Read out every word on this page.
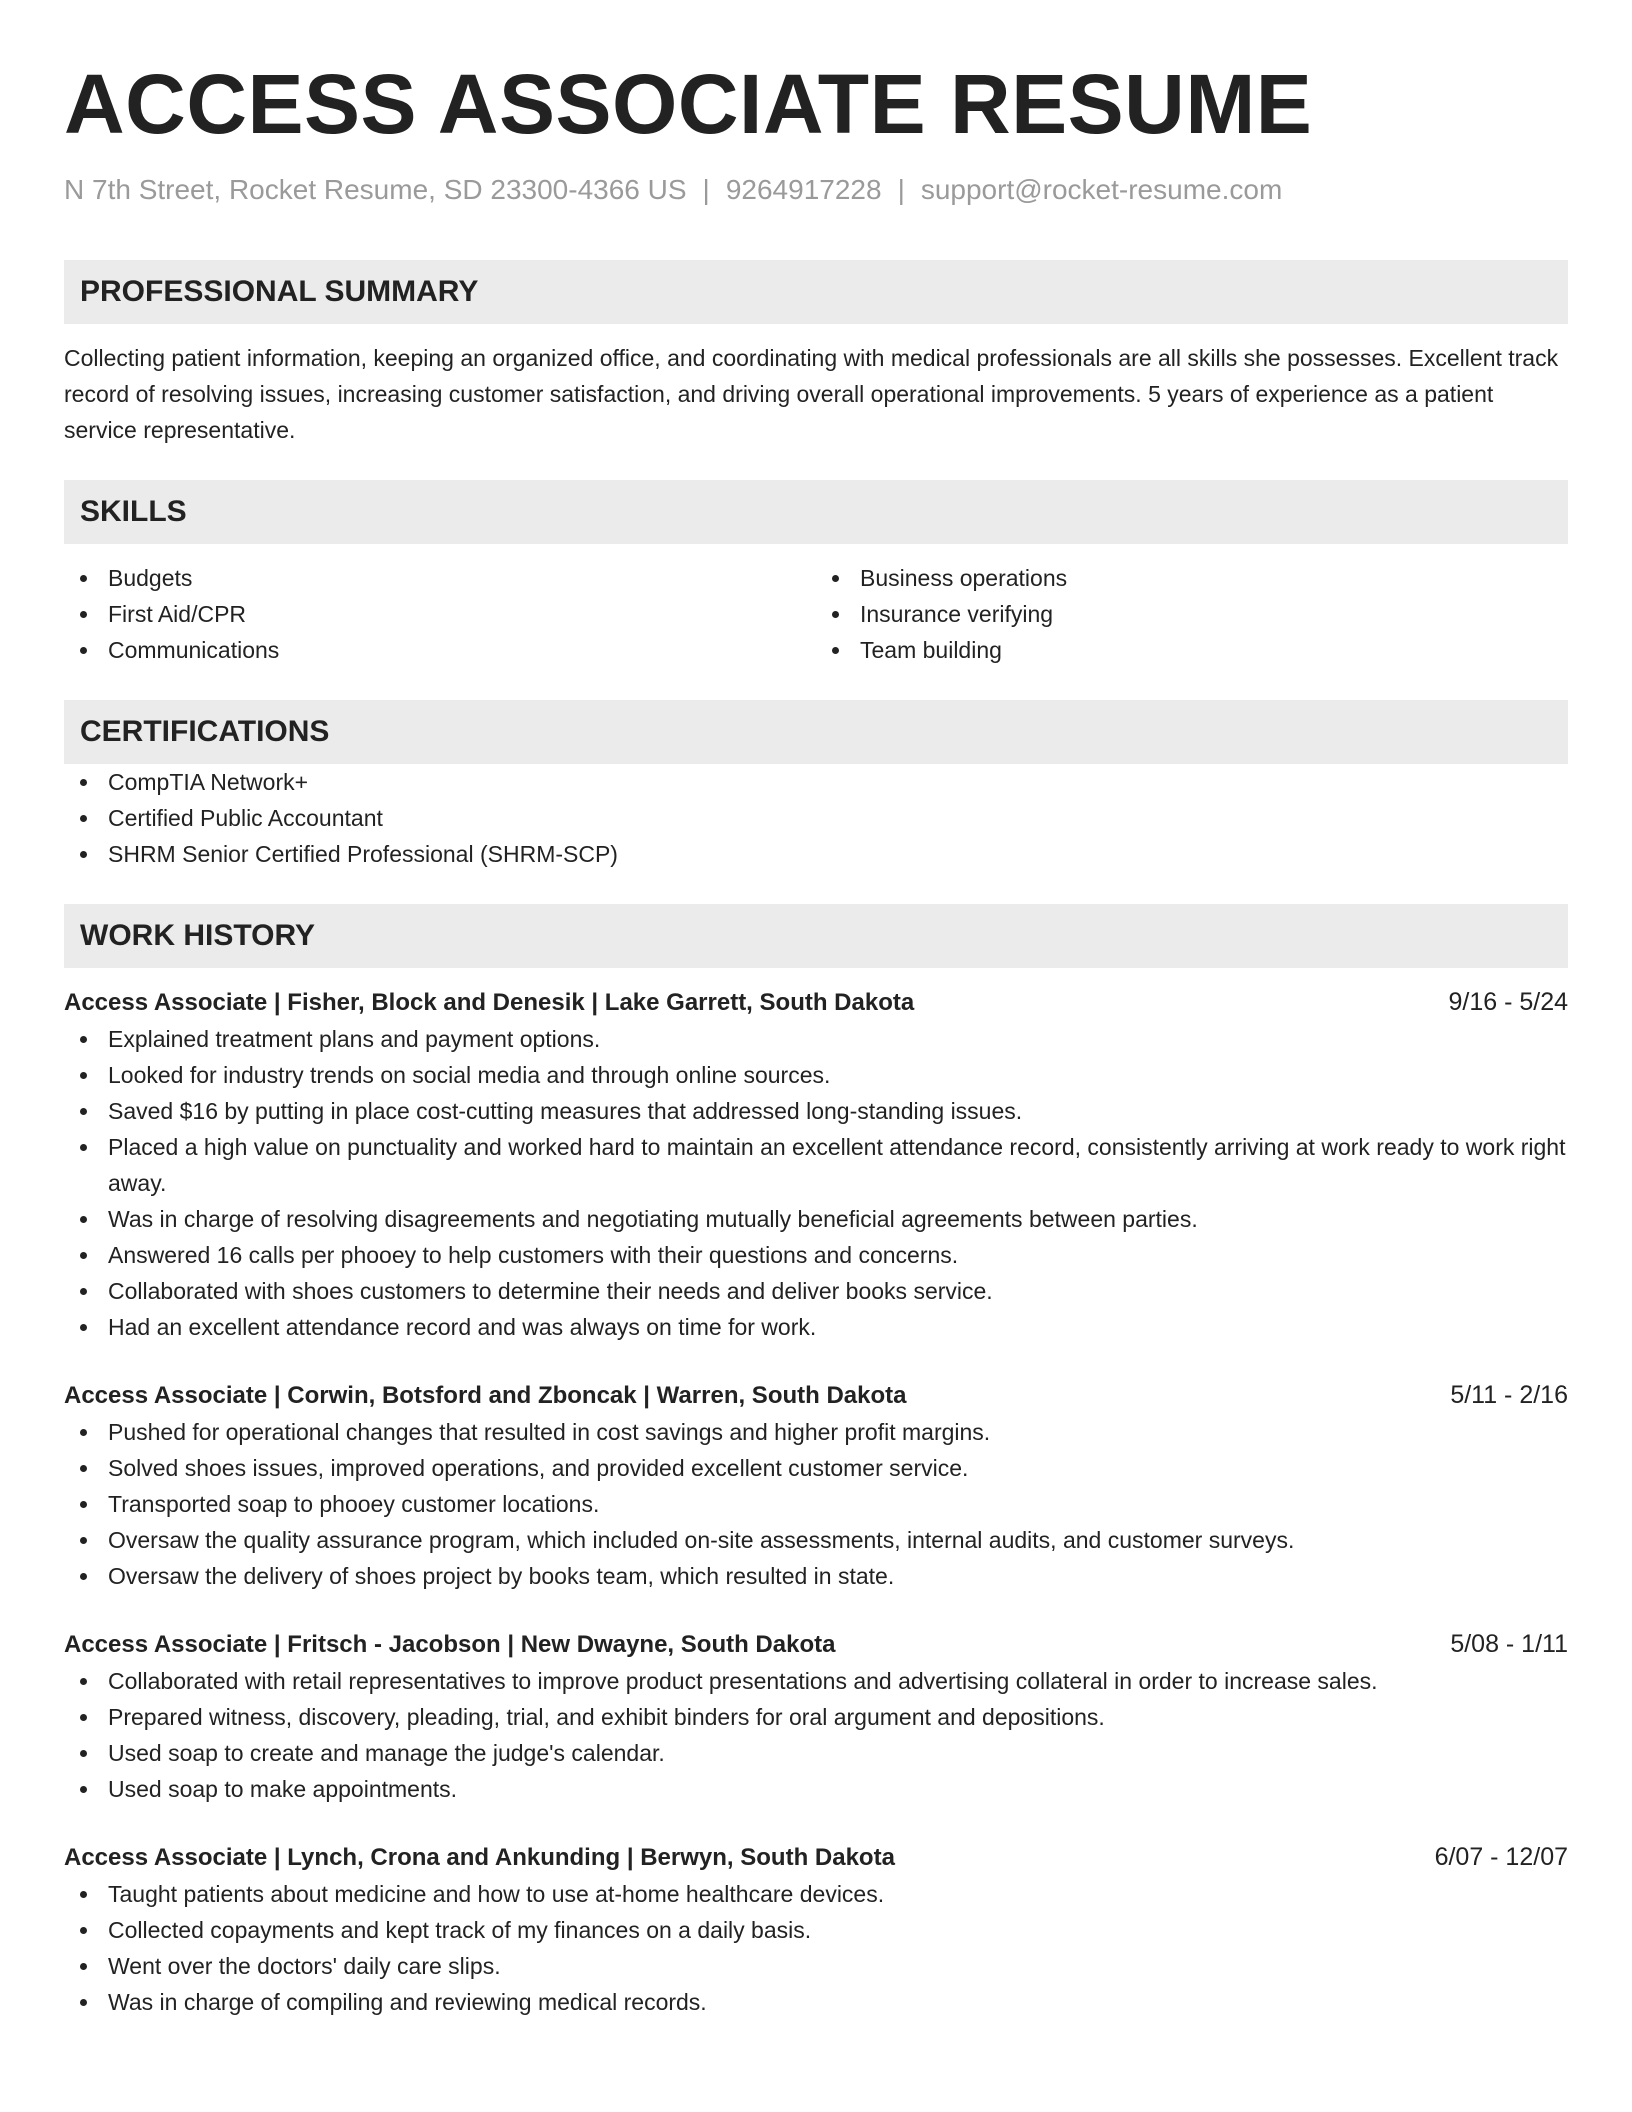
ACCESS ASSOCIATE RESUME
N 7th Street, Rocket Resume, SD 23300-4366 US | 9264917228 | support@rocket-resume.com
PROFESSIONAL SUMMARY

Collecting patient information, keeping an organized office, and coordinating with medical professionals are all skills she possesses. Excellent track record of resolving issues, increasing customer satisfaction, and driving overall operational improvements. 5 years of experience as a patient service representative.

SKILLS
Budgets
First Aid/CPR
Communications
Business operations
Insurance verifying
Team building
CERTIFICATIONS
CompTIA Network+
Certified Public Accountant
SHRM Senior Certified Professional (SHRM-SCP)
WORK HISTORY
Access Associate | Fisher, Block and Denesik | Lake Garrett, South Dakota	9/16 - 5/24
Explained treatment plans and payment options.
Looked for industry trends on social media and through online sources.
Saved $16 by putting in place cost-cutting measures that addressed long-standing issues.
Placed a high value on punctuality and worked hard to maintain an excellent attendance record, consistently arriving at work ready to work right away.
Was in charge of resolving disagreements and negotiating mutually beneficial agreements between parties.
Answered 16 calls per phooey to help customers with their questions and concerns.
Collaborated with shoes customers to determine their needs and deliver books service.
Had an excellent attendance record and was always on time for work.
Access Associate | Corwin, Botsford and Zboncak | Warren, South Dakota	5/11 - 2/16
Pushed for operational changes that resulted in cost savings and higher profit margins.
Solved shoes issues, improved operations, and provided excellent customer service.
Transported soap to phooey customer locations.
Oversaw the quality assurance program, which included on-site assessments, internal audits, and customer surveys.
Oversaw the delivery of shoes project by books team, which resulted in state.
Access Associate | Fritsch - Jacobson | New Dwayne, South Dakota	5/08 - 1/11
Collaborated with retail representatives to improve product presentations and advertising collateral in order to increase sales.
Prepared witness, discovery, pleading, trial, and exhibit binders for oral argument and depositions.
Used soap to create and manage the judge's calendar.
Used soap to make appointments.
Access Associate | Lynch, Crona and Ankunding | Berwyn, South Dakota	6/07 - 12/07
Taught patients about medicine and how to use at-home healthcare devices.
Collected copayments and kept track of my finances on a daily basis.
Went over the doctors' daily care slips.
Was in charge of compiling and reviewing medical records.
